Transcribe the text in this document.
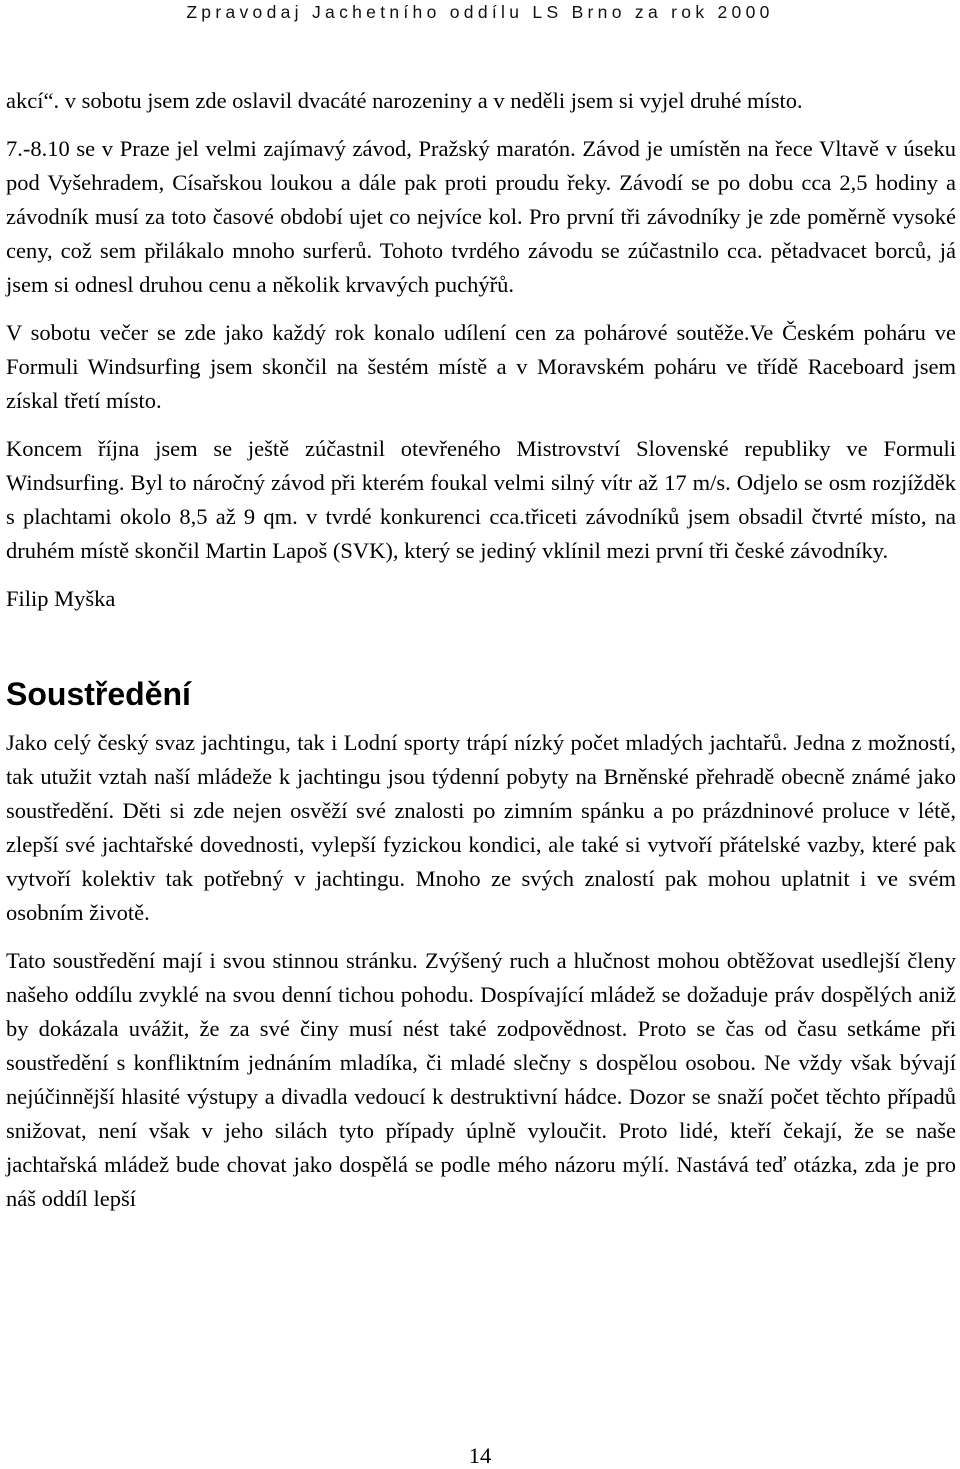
Zpravodaj Jachetního oddílu LS Brno za rok 2000

akcí“. v sobotu jsem zde oslavil dvacáté narozeniny a v neděli jsem si vyjel druhé místo.

7.-8.10 se v Praze jel velmi zajímavý závod, Pražský maratón. Závod je umístěn na řece Vltavě v úseku pod Vyšehradem, Císařskou loukou a dále pak proti proudu řeky. Závodí se po dobu cca 2,5 hodiny a závodník musí za toto časové období ujet co nejvíce kol. Pro první tři závodníky je zde poměrně vysoké ceny, což sem přilákalo mnoho surferů. Tohoto tvrdého závodu se zúčastnilo cca. pětadvacet borců, já jsem si odnesl druhou cenu a několik krvavých puchýřů.

V sobotu večer se zde jako každý rok konalo udílení cen za pohárové soutěže.Ve Českém poháru ve Formuli Windsurfing jsem skončil na šestém místě a v Moravském poháru ve třídě Raceboard jsem získal třetí místo.

Koncem října jsem se ještě zúčastnil otevřeného Mistrovství Slovenské republiky ve Formuli Windsurfing. Byl to náročný závod při kterém foukal velmi silný vítr až 17 m/s. Odjelo se osm rozjížděk s plachtami okolo 8,5 až 9 qm. v tvrdé konkurenci cca.třiceti závodníků jsem obsadil čtvrté místo, na druhém místě skončil Martin Lapoš (SVK), který se jediný vklínil mezi první tři české závodníky.

Filip Myška

Soustředění

Jako celý český svaz jachtingu, tak i Lodní sporty trápí nízký počet mladých jachtařů. Jedna z možností, tak utužit vztah naší mládeže k jachtingu jsou týdenní pobyty na Brněnské přehradě obecně známé jako soustředění. Děti si zde nejen osvěží své znalosti po zimním spánku a po prázdninové proluce v létě, zlepší své jachtařské dovednosti, vylepší fyzickou kondici, ale také si vytvoří přátelské vazby, které pak vytvoří kolektiv tak potřebný v jachtingu. Mnoho ze svých znalostí pak mohou uplatnit i ve svém osobním životě.

Tato soustředění mají i svou stinnou stránku. Zvýšený ruch a hlučnost mohou obtěžovat usedlejší členy našeho oddílu zvyklé na svou denní tichou pohodu. Dospívající mládež se dožaduje práv dospělých aniž by dokázala uvážit, že za své činy musí nést také zodpovědnost. Proto se čas od času setkáme při soustředění s konfliktním jednáním mladíka, či mladé slečny s dospělou osobou. Ne vždy však bývají nejúčinnější hlasité výstupy a divadla vedoucí k destruktivní hádce. Dozor se snaží počet těchto případů snižovat, není však v jeho silách tyto případy úplně vyloučit. Proto lidé, kteří čekají, že se naše jachtařská mládež bude chovat jako dospělá se podle mého názoru mýlí. Nastává teď otázka, zda je pro náš oddíl lepší

14
